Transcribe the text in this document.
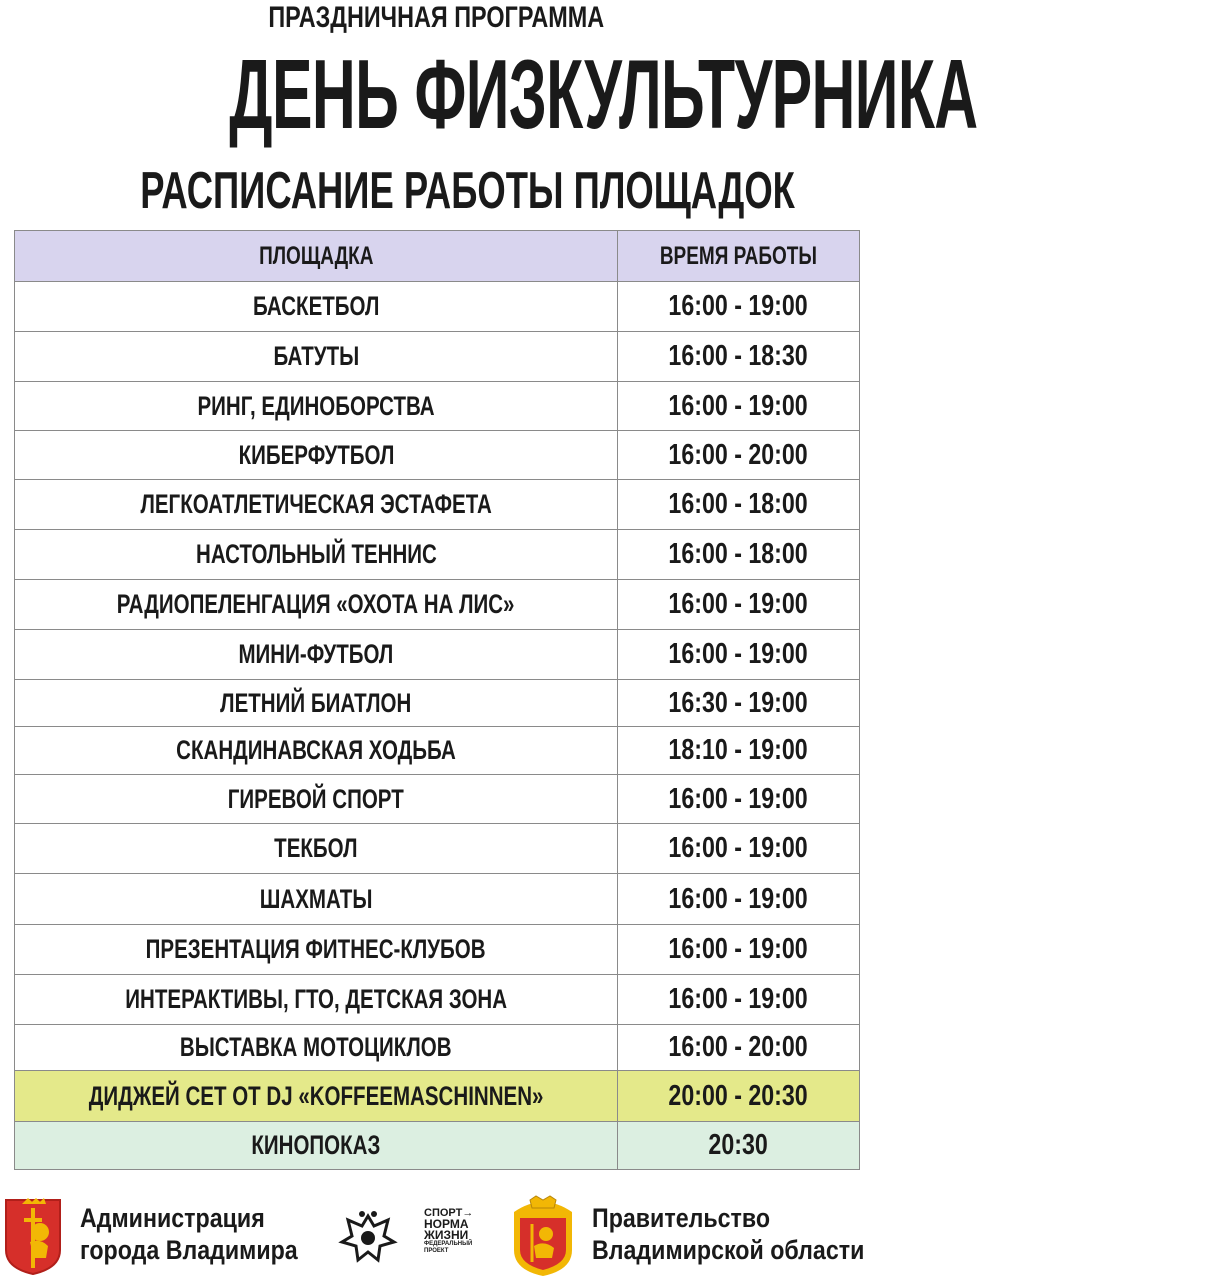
ПРАЗДНИЧНАЯ ПРОГРАММА
ДЕНЬ ФИЗКУЛЬТУРНИКА
РАСПИСАНИЕ РАБОТЫ ПЛОЩАДОК
ПЛОЩАДКА	ВРЕМЯ РАБОТЫ
БАСКЕТБОЛ	16:00 - 19:00
БАТУТЫ	16:00 - 18:30
РИНГ, ЕДИНОБОРСТВА	16:00 - 19:00
КИБЕРФУТБОЛ	16:00 - 20:00
ЛЕГКОАТЛЕТИЧЕСКАЯ ЭСТАФЕТА	16:00 - 18:00
НАСТОЛЬНЫЙ ТЕННИС	16:00 - 18:00
РАДИОПЕЛЕНГАЦИЯ «ОХОТА НА ЛИС»	16:00 - 19:00
МИНИ-ФУТБОЛ	16:00 - 19:00
ЛЕТНИЙ БИАТЛОН	16:30 - 19:00
СКАНДИНАВСКАЯ ХОДЬБА	18:10 - 19:00
ГИРЕВОЙ СПОРТ	16:00 - 19:00
ТЕКБОЛ	16:00 - 19:00
ШАХМАТЫ	16:00 - 19:00
ПРЕЗЕНТАЦИЯ ФИТНЕС-КЛУБОВ	16:00 - 19:00
ИНТЕРАКТИВЫ, ГТО, ДЕТСКАЯ ЗОНА	16:00 - 19:00
ВЫСТАВКА МОТОЦИКЛОВ	16:00 - 20:00
ДИДЖЕЙ СЕТ ОТ DJ «KOFFEEMASCHINNEN»	20:00 - 20:30
КИНОПОКАЗ	20:30
Администрация
города Владимира
СПОРТ→
НОРМА
ЖИЗНИ
ФЕДЕРАЛЬНЫЙ
ПРОЕКТ
Правительство
Владимирской области
